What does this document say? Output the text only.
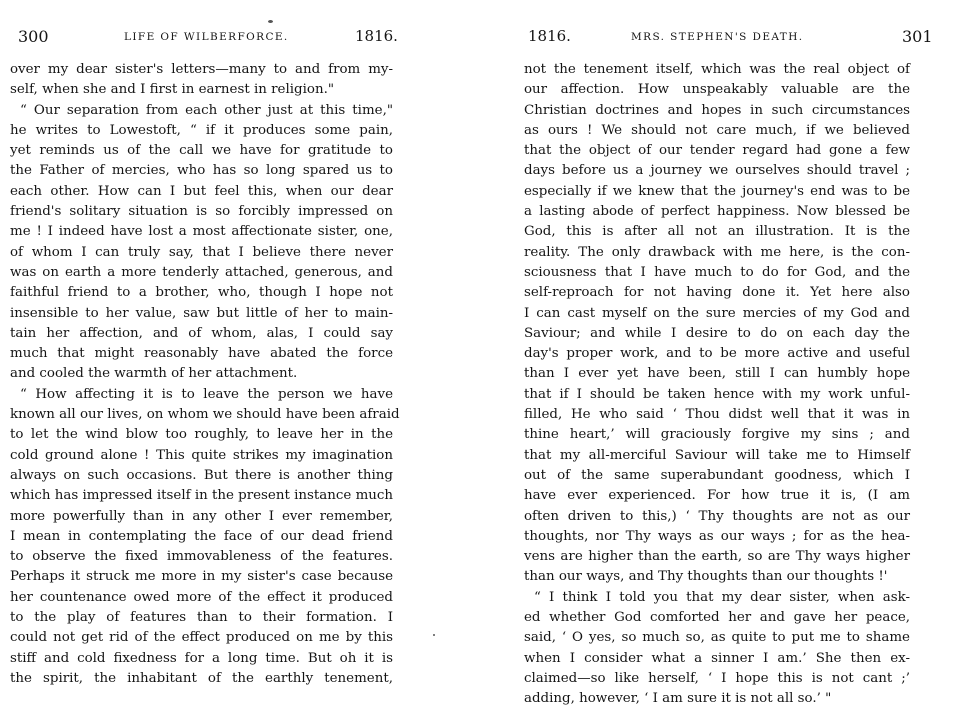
300	LIFE OF WILBERFORCE.	1816.
over my dear sister's letters—many to and from my-
self, when she and I first in earnest in religion."
“ Our separation from each other just at this time,"
he writes to Lowestoft, “ if it produces some pain,
yet reminds us of the call we have for gratitude to
the Father of mercies, who has so long spared us to
each other. How can I but feel this, when our dear
friend's solitary situation is so forcibly impressed on
me ! I indeed have lost a most affectionate sister, one,
of whom I can truly say, that I believe there never
was on earth a more tenderly attached, generous, and
faithful friend to a brother, who, though I hope not
insensible to her value, saw but little of her to main-
tain her affection, and of whom, alas, I could say
much that might reasonably have abated the force
and cooled the warmth of her attachment.
“ How affecting it is to leave the person we have
known all our lives, on whom we should have been afraid
to let the wind blow too roughly, to leave her in the
cold ground alone ! This quite strikes my imagination
always on such occasions. But there is another thing
which has impressed itself in the present instance much
more powerfully than in any other I ever remember,
I mean in contemplating the face of our dead friend
to observe the fixed immovableness of the features.
Perhaps it struck me more in my sister's case because
her countenance owed more of the effect it produced
to the play of features than to their formation. I
could not get rid of the effect produced on me by this
stiff and cold fixedness for a long time. But oh it is
the spirit, the inhabitant of the earthly tenement,
1816.	MRS. STEPHEN'S DEATH.	301
not the tenement itself, which was the real object of
our affection. How unspeakably valuable are the
Christian doctrines and hopes in such circumstances
as ours ! We should not care much, if we believed
that the object of our tender regard had gone a few
days before us a journey we ourselves should travel ;
especially if we knew that the journey's end was to be
a lasting abode of perfect happiness. Now blessed be
God, this is after all not an illustration. It is the
reality. The only drawback with me here, is the con-
sciousness that I have much to do for God, and the
self-reproach for not having done it. Yet here also
I can cast myself on the sure mercies of my God and
Saviour; and while I desire to do on each day the
day's proper work, and to be more active and useful
than I ever yet have been, still I can humbly hope
that if I should be taken hence with my work unful-
filled, He who said ‘ Thou didst well that it was in
thine heart,’ will graciously forgive my sins ; and
that my all-merciful Saviour will take me to Himself
out of the same superabundant goodness, which I
have ever experienced. For how true it is, (I am
often driven to this,) ‘ Thy thoughts are not as our
thoughts, nor Thy ways as our ways ; for as the hea-
vens are higher than the earth, so are Thy ways higher
than our ways, and Thy thoughts than our thoughts !'
“ I think I told you that my dear sister, when ask-
ed whether God comforted her and gave her peace,
said, ‘ O yes, so much so, as quite to put me to shame
when I consider what a sinner I am.’ She then ex-
claimed—so like herself, ‘ I hope this is not cant ;’
adding, however, ‘ I am sure it is not all so.’ "
